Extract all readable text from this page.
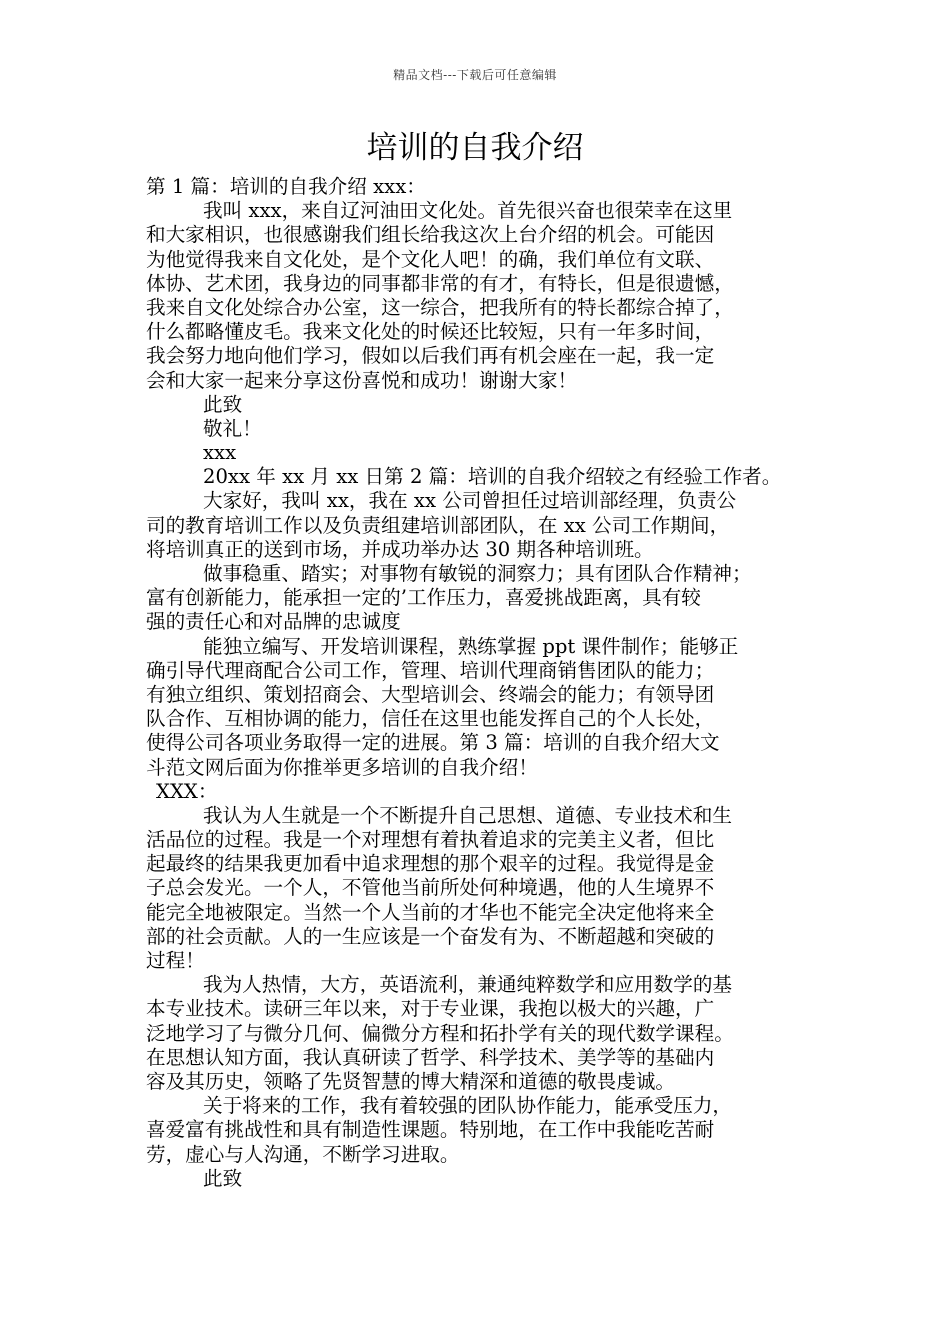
精品文档---下载后可任意编辑
培训的自我介绍
第 1 篇：培训的自我介绍 xxx：
我叫 xxx，来自辽河油田文化处。首先很兴奋也很荣幸在这里
和大家相识，也很感谢我们组长给我这次上台介绍的机会。可能因
为他觉得我来自文化处，是个文化人吧！的确，我们单位有文联、
体协、艺术团，我身边的同事都非常的有才，有特长，但是很遗憾，
我来自文化处综合办公室，这一综合，把我所有的特长都综合掉了，
什么都略懂皮毛。我来文化处的时候还比较短，只有一年多时间，
我会努力地向他们学习，假如以后我们再有机会座在一起，我一定
会和大家一起来分享这份喜悦和成功！谢谢大家！
此致
敬礼！
xxx
20xx 年 xx 月 xx 日第 2 篇：培训的自我介绍较之有经验工作者。
大家好，我叫 xx，我在 xx 公司曾担任过培训部经理，负责公
司的教育培训工作以及负责组建培训部团队，在 xx 公司工作期间，
将培训真正的送到市场，并成功举办达 30 期各种培训班。
做事稳重、踏实；对事物有敏锐的洞察力；具有团队合作精神；
富有创新能力，能承担一定的’工作压力，喜爱挑战距离，具有较
强的责任心和对品牌的忠诚度
能独立编写、开发培训课程，熟练掌握 ppt 课件制作；能够正
确引导代理商配合公司工作，管理、培训代理商销售团队的能力；
有独立组织、策划招商会、大型培训会、终端会的能力；有领导团
队合作、互相协调的能力，信任在这里也能发挥自己的个人长处，
使得公司各项业务取得一定的进展。第 3 篇：培训的自我介绍大文
斗范文网后面为你推举更多培训的自我介绍！
XXX：
我认为人生就是一个不断提升自己思想、道德、专业技术和生
活品位的过程。我是一个对理想有着执着追求的完美主义者，但比
起最终的结果我更加看中追求理想的那个艰辛的过程。我觉得是金
子总会发光。一个人，不管他当前所处何种境遇，他的人生境界不
能完全地被限定。当然一个人当前的才华也不能完全决定他将来全
部的社会贡献。人的一生应该是一个奋发有为、不断超越和突破的
过程！
我为人热情，大方，英语流利，兼通纯粹数学和应用数学的基
本专业技术。读研三年以来，对于专业课，我抱以极大的兴趣，广
泛地学习了与微分几何、偏微分方程和拓扑学有关的现代数学课程。
在思想认知方面，我认真研读了哲学、科学技术、美学等的基础内
容及其历史，领略了先贤智慧的博大精深和道德的敬畏虔诚。
关于将来的工作，我有着较强的团队协作能力，能承受压力，
喜爱富有挑战性和具有制造性课题。特别地，在工作中我能吃苦耐
劳，虚心与人沟通，不断学习进取。
此致
